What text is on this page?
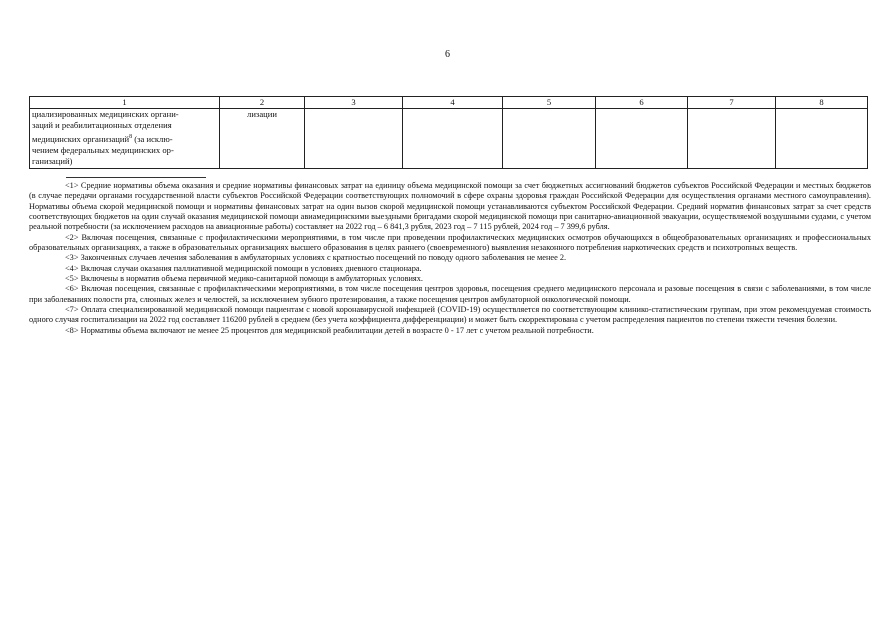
6
1	2	3	4	5	6	7	8
циализированных медицинских органи-
заций и реабилитационных отделения
медицинских организаций$^8$ (за исклю-
чением федеральных медицинских ор-
ганизаций)	лизации						

<1> Средние нормативы объема оказания и средние нормативы финансовых затрат на единицу объема медицинской помощи за счет бюджетных ассигнований бюджетов субъектов Российской Федерации и местных бюджетов (в случае передачи органами государственной власти субъектов Российской Федерации соответствующих полномочий в сфере охраны здоровья граждан Российской Федерации для осуществления органами местного самоуправления). Нормативы объема скорой медицинской помощи и нормативы финансовых затрат на один вызов скорой медицинской помощи устанавливаются субъектом Российской Федерации. Средний норматив финансовых затрат за счет средств соответствующих бюджетов на один случай оказания медицинской помощи авиамедицинскими выездными бригадами скорой медицинской помощи при санитарно-авиационной эвакуации, осуществляемой воздушными судами, с учетом реальной потребности (за исключением расходов на авиационные работы) составляет на 2022 год – 6 841,3 рубля, 2023 год – 7 115 рублей, 2024 год – 7 399,6 рубля.

<2> Включая посещения, связанные с профилактическими мероприятиями, в том числе при проведении профилактических медицинских осмотров обучающихся в общеобразовательных организациях и профессиональных образовательных организациях, а также в образовательных организациях высшего образования в целях раннего (своевременного) выявления незаконного потребления наркотических средств и психотропных веществ.

<3> Законченных случаев лечения заболевания в амбулаторных условиях с кратностью посещений по поводу одного заболевания не менее 2.

<4> Включая случаи оказания паллиативной медицинской помощи в условиях дневного стационара.

<5> Включены в норматив объема первичной медико-санитарной помощи в амбулаторных условиях.

<6> Включая посещения, связанные с профилактическими мероприятиями, в том числе посещения центров здоровья, посещения среднего медицинского персонала и разовые посещения в связи с заболеваниями, в том числе при заболеваниях полости рта, слюнных желез и челюстей, за исключением зубного протезирования, а также посещения центров амбулаторной онкологической помощи.

<7> Оплата специализированной медицинской помощи пациентам с новой коронавирусной инфекцией (COVID-19) осуществляется по соответствующим клинико-статистическим группам, при этом рекомендуемая стоимость одного случая госпитализации на 2022 год составляет 116200 рублей в среднем (без учета коэффициента дифференциации) и может быть скорректирована с учетом распределения пациентов по степени тяжести течения болезни.

<8> Нормативы объема включают не менее 25 процентов для медицинской реабилитации детей в возрасте 0 - 17 лет с учетом реальной потребности.
